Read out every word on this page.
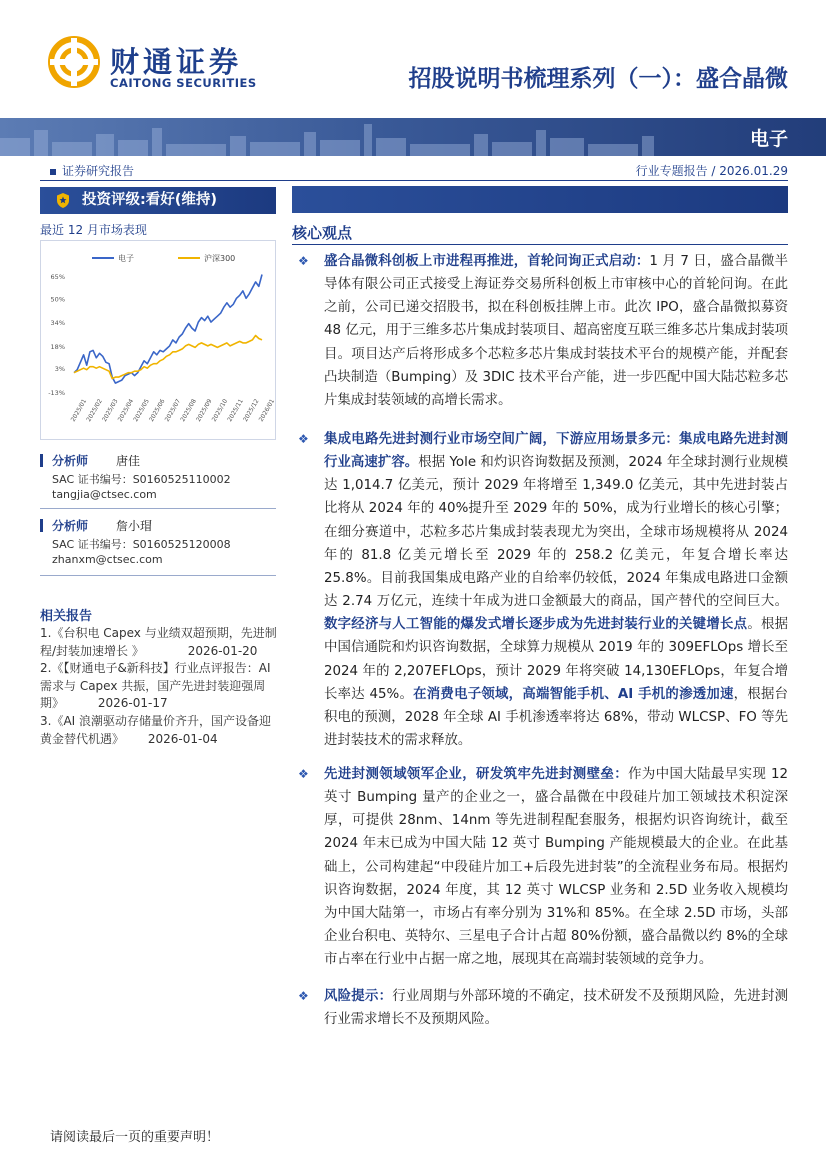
财通证券
CAITONG SECURITIES	招股说明书梳理系列（一）：盛合晶微
电子
证券研究报告	行业专题报告 / 2026.01.29
投资评级:看好(维持)
最近 12 月市场表现
电子	沪深300
65%
50%
34%
18%
3%
-13%
2025/01
2025/02
2025/03
2025/04
2025/05
2025/06
2025/07
2025/08
2025/09
2025/10
2025/11
2025/12
2026/01
分析师 唐佳
SAC 证书编号：S0160525110002
tangjia@ctsec.com
分析师 詹小瑁
SAC 证书编号：S0160525120008
zhanxm@ctsec.com
相关报告
1.《台积电 Capex 与业绩双超预期，先进制程/封装加速增长 》	2026-01-20
2.《【财通电子&新科技】行业点评报告：AI 需求与 Capex 共振，国产先进封装迎强周期》	2026-01-17
3.《AI 浪潮驱动存储量价齐升，国产设备迎黄金替代机遇》 2026-01-04
核心观点
❖	盛合晶微科创板上市进程再推进，首轮问询正式启动：1 月 7 日，盛合晶微半导体有限公司正式接受上海证券交易所科创板上市审核中心的首轮问询。在此之前，公司已递交招股书，拟在科创板挂牌上市。此次 IPO，盛合晶微拟募资 48 亿元，用于三维多芯片集成封装项目、超高密度互联三维多芯片集成封装项目。项目达产后将形成多个芯粒多芯片集成封装技术平台的规模产能，并配套凸块制造（Bumping）及 3DIC 技术平台产能，进一步匹配中国大陆芯粒多芯片集成封装领域的高增长需求。
❖	集成电路先进封测行业市场空间广阔，下游应用场景多元：集成电路先进封测行业高速扩容。根据 Yole 和灼识咨询数据及预测，2024 年全球封测行业规模达 1,014.7 亿美元，预计 2029 年将增至 1,349.0 亿美元，其中先进封装占比将从 2024 年的 40%提升至 2029 年的 50%，成为行业增长的核心引擎；在细分赛道中，芯粒多芯片集成封装表现尤为突出，全球市场规模将从 2024 年的 81.8 亿美元增长至 2029 年的 258.2 亿美元，年复合增长率达 25.8%。目前我国集成电路产业的自给率仍较低，2024 年集成电路进口金额达 2.74 万亿元，连续十年成为进口金额最大的商品，国产替代的空间巨大。数字经济与人工智能的爆发式增长逐步成为先进封装行业的关键增长点。根据中国信通院和灼识咨询数据，全球算力规模从 2019 年的 309EFLOps 增长至 2024 年的 2,207EFLOps，预计 2029 年将突破 14,130EFLOps，年复合增长率达 45%。在消费电子领域，高端智能手机、AI 手机的渗透加速，根据台积电的预测，2028 年全球 AI 手机渗透率将达 68%，带动 WLCSP、FO 等先进封装技术的需求释放。
❖	先进封测领域领军企业，研发筑牢先进封测壁垒：作为中国大陆最早实现 12 英寸 Bumping 量产的企业之一，盛合晶微在中段硅片加工领域技术积淀深厚，可提供 28nm、14nm 等先进制程配套服务，根据灼识咨询统计，截至 2024 年末已成为中国大陆 12 英寸 Bumping 产能规模最大的企业。在此基础上，公司构建起“中段硅片加工+后段先进封装”的全流程业务布局。根据灼识咨询数据，2024 年度，其 12 英寸 WLCSP 业务和 2.5D 业务收入规模均为中国大陆第一，市场占有率分别为 31%和 85%。在全球 2.5D 市场，头部企业台积电、英特尔、三星电子合计占超 80%份额，盛合晶微以约 8%的全球市占率在行业中占据一席之地，展现其在高端封装领域的竞争力。
❖	风险提示：行业周期与外部环境的不确定，技术研发不及预期风险，先进封测行业需求增长不及预期风险。
请阅读最后一页的重要声明！
